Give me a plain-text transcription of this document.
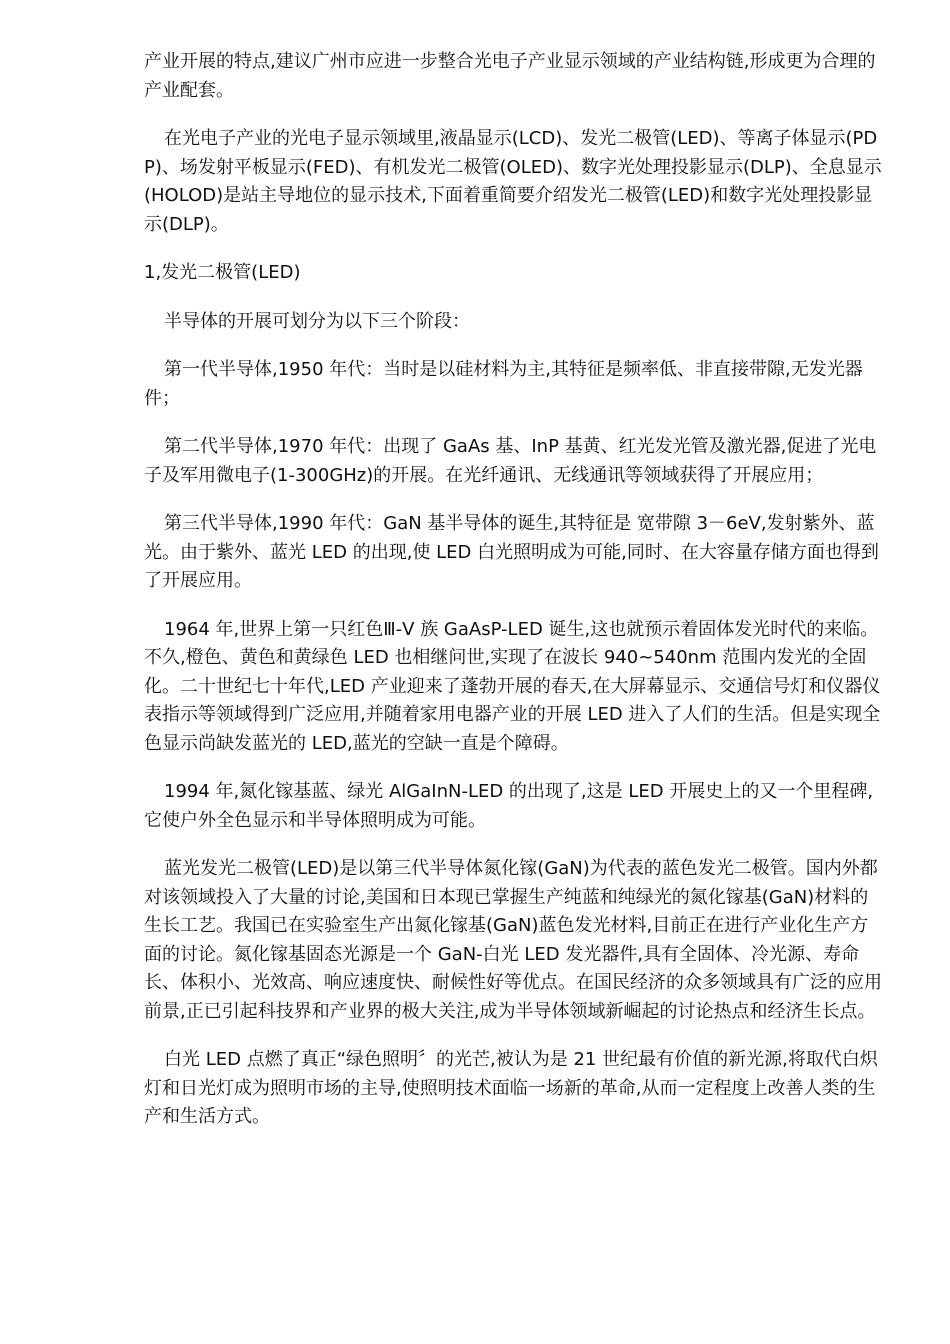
产业开展的特点,建议广州市应进一步整合光电子产业显示领域的产业结构链,形成更为合理的产业配套。

在光电子产业的光电子显示领域里,液晶显示(LCD)、发光二极管(LED)、等离子体显示(PDP)、场发射平板显示(FED)、有机发光二极管(OLED)、数字光处理投影显示(DLP)、全息显示(HOLOD)是站主导地位的显示技术,下面着重简要介绍发光二极管(LED)和数字光处理投影显示(DLP)。

1,发光二极管(LED)

半导体的开展可划分为以下三个阶段：

第一代半导体,1950 年代：当时是以硅材料为主,其特征是频率低、非直接带隙,无发光器件；

第二代半导体,1970 年代：出现了 GaAs 基、InP 基黄、红光发光管及激光器,促进了光电子及军用微电子(1-300GHz)的开展。在光纤通讯、无线通讯等领域获得了开展应用；

第三代半导体,1990 年代：GaN 基半导体的诞生,其特征是 宽带隙 3－6eV,发射紫外、蓝光。由于紫外、蓝光 LED 的出现,使 LED 白光照明成为可能,同时、在大容量存储方面也得到了开展应用。

1964 年,世界上第一只红色Ⅲ-Ⅴ 族 GaAsP-LED 诞生,这也就预示着固体发光时代的来临。不久,橙色、黄色和黄绿色 LED 也相继问世,实现了在波长 940~540nm 范围内发光的全固化。二十世纪七十年代,LED 产业迎来了蓬勃开展的春天,在大屏幕显示、交通信号灯和仪器仪表指示等领域得到广泛应用,并随着家用电器产业的开展 LED 进入了人们的生活。但是实现全色显示尚缺发蓝光的 LED,蓝光的空缺一直是个障碍。

1994 年,氮化镓基蓝、绿光 AlGaInN-LED 的出现了,这是 LED 开展史上的又一个里程碑,它使户外全色显示和半导体照明成为可能。

蓝光发光二极管(LED)是以第三代半导体氮化镓(GaN)为代表的蓝色发光二极管。国内外都对该领域投入了大量的讨论,美国和日本现已掌握生产纯蓝和纯绿光的氮化镓基(GaN)材料的生长工艺。我国已在实验室生产出氮化镓基(GaN)蓝色发光材料,目前正在进行产业化生产方面的讨论。氮化镓基固态光源是一个 GaN-白光 LED 发光器件,具有全固体、冷光源、寿命长、体积小、光效高、响应速度快、耐候性好等优点。在国民经济的众多领域具有广泛的应用前景,正已引起科技界和产业界的极大关注,成为半导体领域新崛起的讨论热点和经济生长点。

白光 LED 点燃了真正“绿色照明〞的光芒,被认为是 21 世纪最有价值的新光源,将取代白炽灯和日光灯成为照明市场的主导,使照明技术面临一场新的革命,从而一定程度上改善人类的生产和生活方式。
